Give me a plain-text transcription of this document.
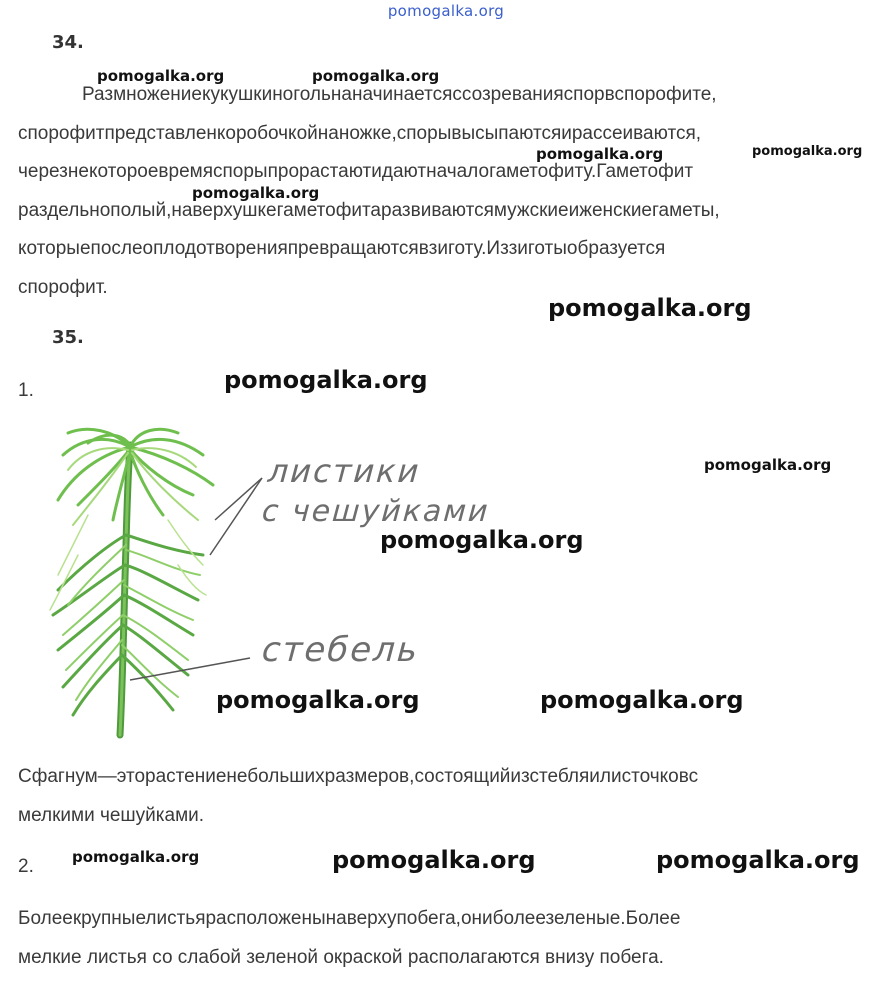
pomogalka.org
34.
Размножениекукушкиногольнаначинаетсяссозреванияспорвспорофите,
спорофитпредставленкоробочкойнаножке,спорывысыпаютсяирассеиваются,
черезнекотороевремяспорыпрорастаютидаютначалогаметофиту.Гаметофит
раздельнополый,наверхушкегаметофитаразвиваютсямужскиеиженскиегаметы,
которыепослеоплодотворенияпревращаютсявзиготу.Иззиготыобразуется
спорофит.
35.
1.
листики
с чешуйками
стебель
Сфагнум—эторастениенебольшихразмеров,состоящийизстебляилисточковс
мелкими чешуйками.
2.
Болеекрупныелистьярасположенынаверхупобега,ониболеезеленые.Более
мелкие листья со слабой зеленой окраской располагаются внизу побега.
pomogalka.org	pomogalka.org
pomogalka.org	pomogalka.org
pomogalka.org
pomogalka.org
pomogalka.org
pomogalka.org
pomogalka.org
pomogalka.org	pomogalka.org
pomogalka.org	pomogalka.org	pomogalka.org
